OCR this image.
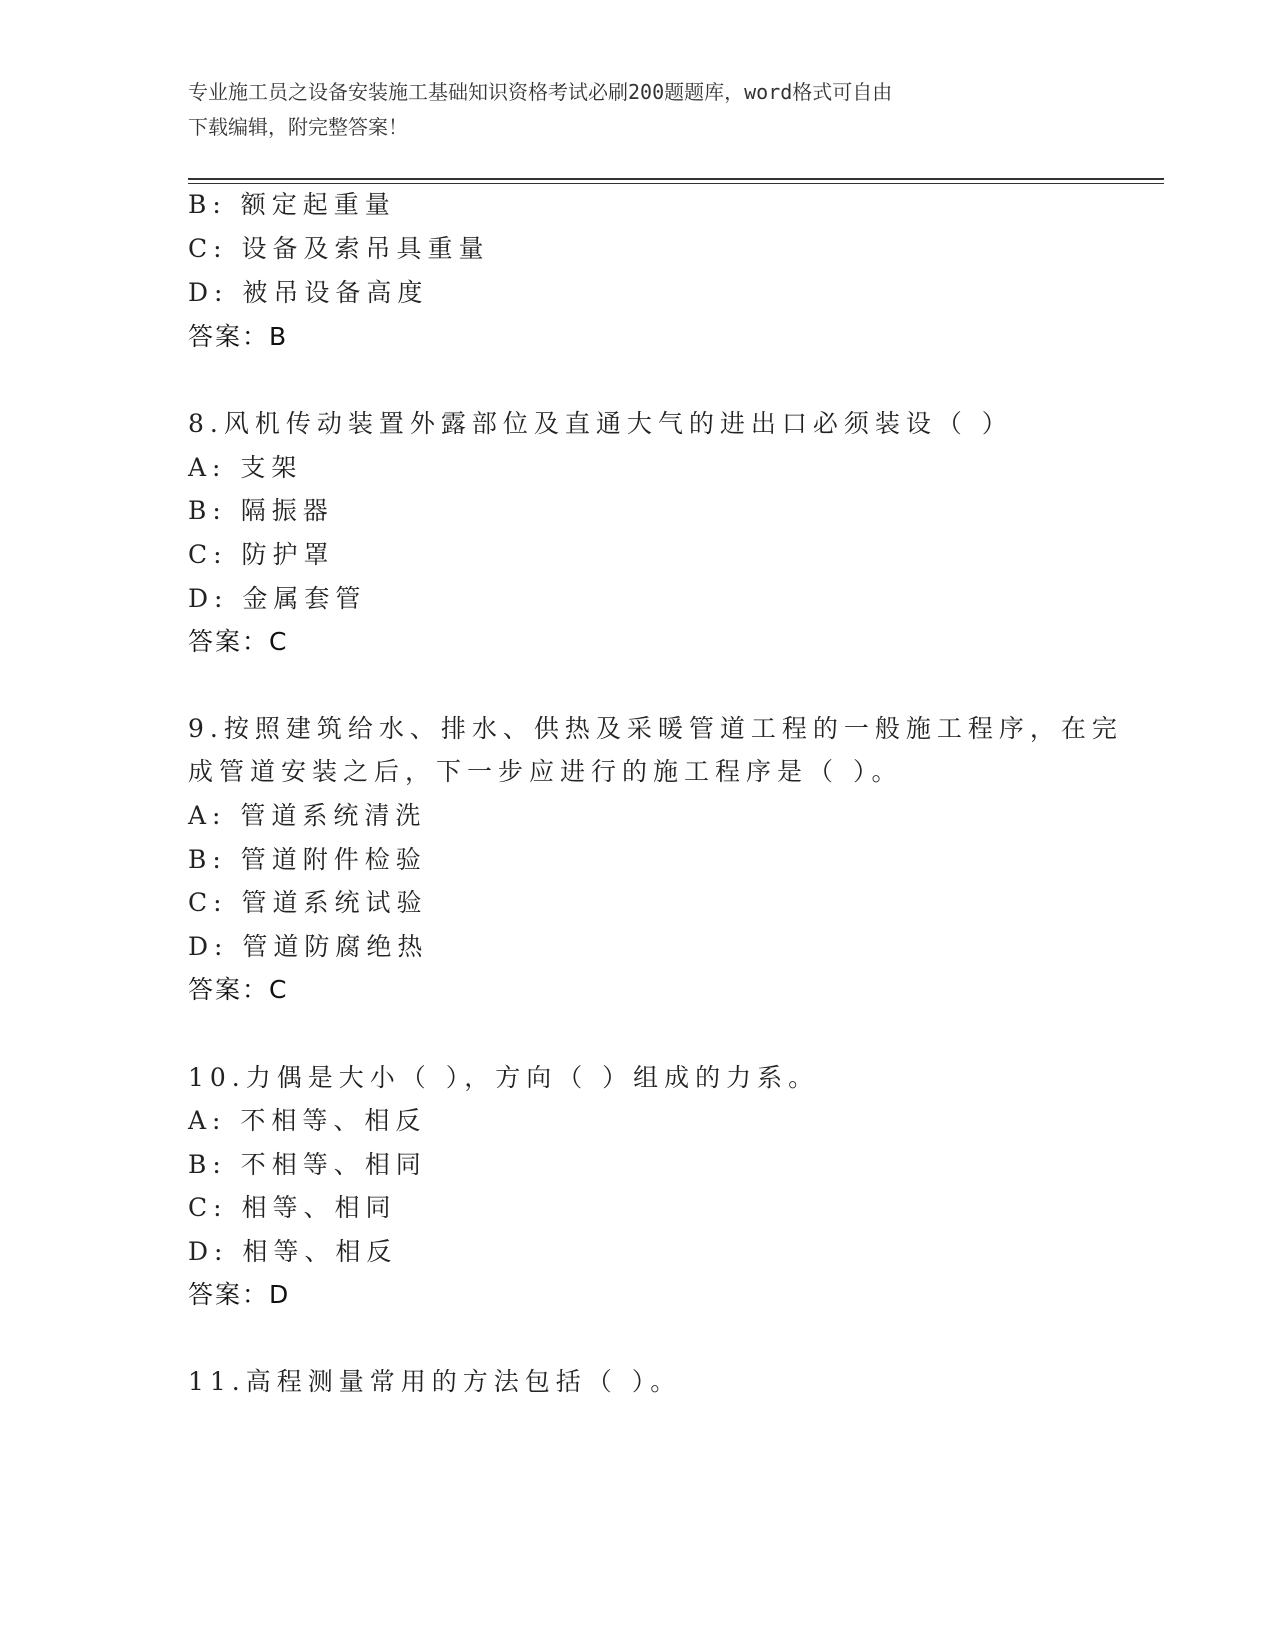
专业施工员之设备安装施工基础知识资格考试必刷200题题库，word格式可自由
下载编辑，附完整答案！
B: 额定起重量
C: 设备及索吊具重量
D: 被吊设备高度
答案：B
8.风机传动装置外露部位及直通大气的进出口必须装设（ ）
A: 支架
B: 隔振器
C: 防护罩
D: 金属套管
答案：C
9.按照建筑给水、排水、供热及采暖管道工程的一般施工程序，在完
成管道安装之后，下一步应进行的施工程序是（ ）。
A: 管道系统清洗
B: 管道附件检验
C: 管道系统试验
D: 管道防腐绝热
答案：C
10.力偶是大小（ ），方向（ ）组成的力系。
A: 不相等、相反
B: 不相等、相同
C: 相等、相同
D: 相等、相反
答案：D
11.高程测量常用的方法包括（ ）。
